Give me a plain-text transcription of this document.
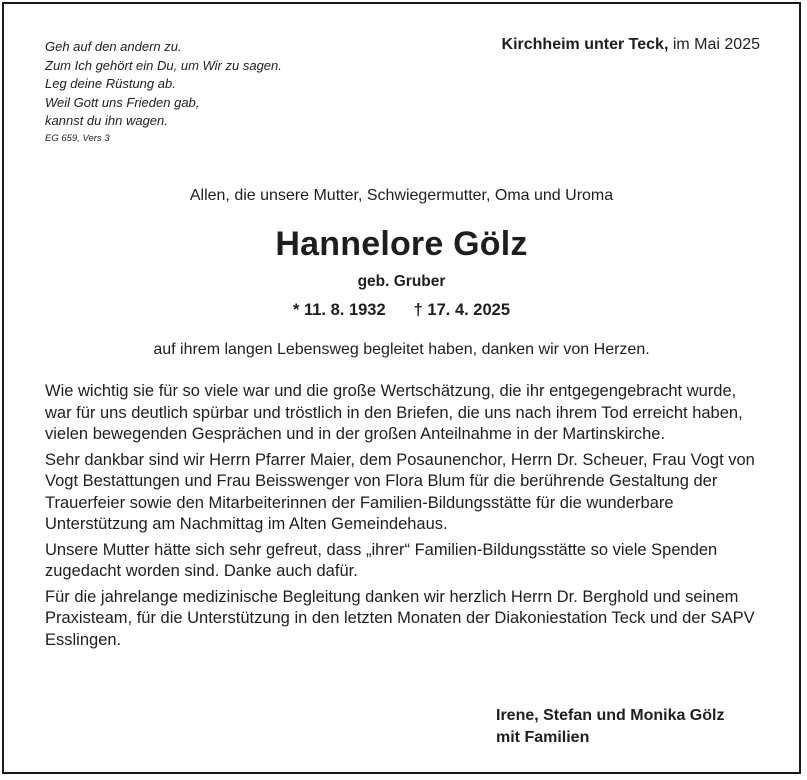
Geh auf den andern zu.
Zum Ich gehört ein Du, um Wir zu sagen.
Leg deine Rüstung ab.
Weil Gott uns Frieden gab,
kannst du ihn wagen.
EG 659, Vers 3
Kirchheim unter Teck, im Mai 2025
Allen, die unsere Mutter, Schwiegermutter, Oma und Uroma
Hannelore Gölz
geb. Gruber
* 11. 8. 1932 † 17. 4. 2025
auf ihrem langen Lebensweg begleitet haben, danken wir von Herzen.

Wie wichtig sie für so viele war und die große Wertschätzung, die ihr entgegengebracht wurde, war für uns deutlich spürbar und tröstlich in den Briefen, die uns nach ihrem Tod erreicht haben, vielen bewegenden Gesprächen und in der großen Anteilnahme in der Martinskirche.

Sehr dankbar sind wir Herrn Pfarrer Maier, dem Posaunenchor, Herrn Dr. Scheuer, Frau Vogt von Vogt Bestattungen und Frau Beisswenger von Flora Blum für die berührende Gestaltung der Trauerfeier sowie den Mitarbeiterinnen der Familien-Bildungsstätte für die wunderbare Unterstützung am Nachmittag im Alten Gemeindehaus.

Unsere Mutter hätte sich sehr gefreut, dass „ihrer“ Familien-Bildungsstätte so viele Spenden zugedacht worden sind. Danke auch dafür.

Für die jahrelange medizinische Begleitung danken wir herzlich Herrn Dr. Berghold und seinem Praxisteam, für die Unterstützung in den letzten Monaten der Diakoniestation Teck und der SAPV Esslingen.

Irene, Stefan und Monika Gölz
mit Familien
